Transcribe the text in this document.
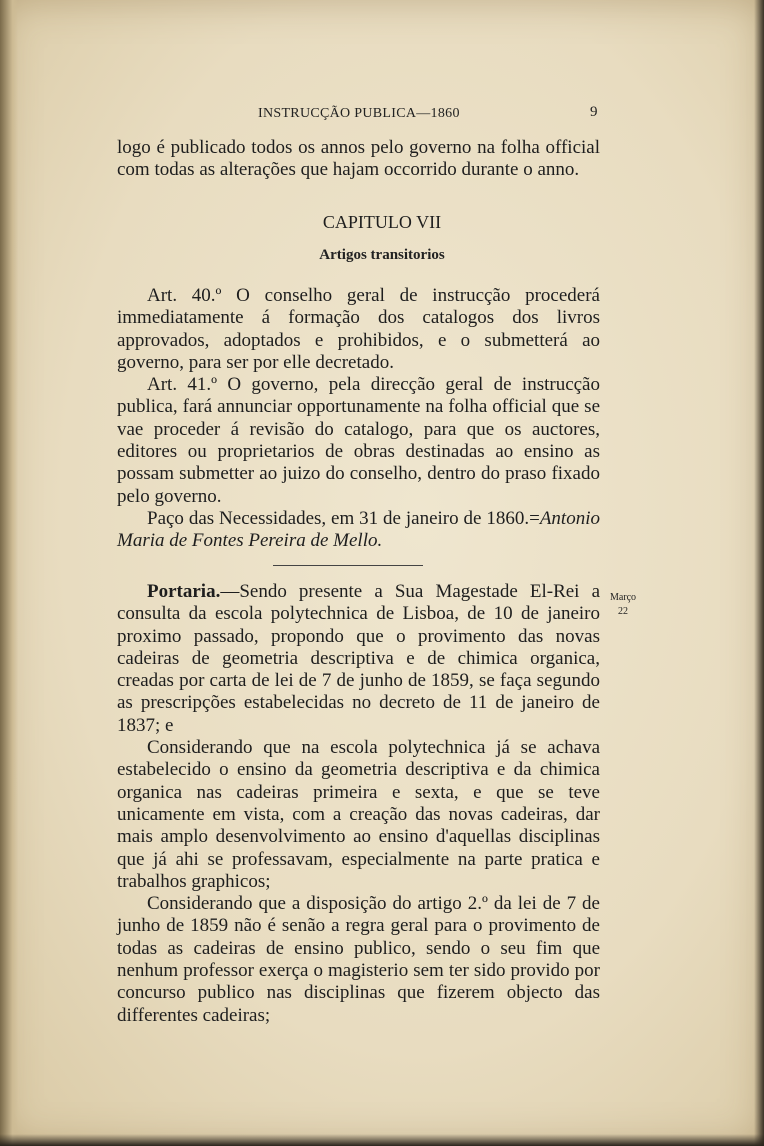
INSTRUCÇÃO PUBLICA—1860	9

logo é publicado todos os annos pelo governo na folha official com todas as alterações que hajam occorrido durante o anno.

CAPITULO VII
Artigos transitorios

Art. 40.º O conselho geral de instrucção procederá immediatamente á formação dos catalogos dos livros approvados, adoptados e prohibidos, e o submetterá ao governo, para ser por elle decretado.

Art. 41.º O governo, pela direcção geral de instrucção publica, fará annunciar opportunamente na folha official que se vae proceder á revisão do catalogo, para que os auctores, editores ou proprietarios de obras destinadas ao ensino as possam submetter ao juizo do conselho, dentro do praso fixado pelo governo.

Paço das Necessidades, em 31 de janeiro de 1860.=Antonio Maria de Fontes Pereira de Mello.

Portaria.—Sendo presente a Sua Magestade El-Rei a consulta da escola polytechnica de Lisboa, de 10 de janeiro proximo passado, propondo que o provimento das novas cadeiras de geometria descriptiva e de chimica organica, creadas por carta de lei de 7 de junho de 1859, se faça segundo as prescripções estabelecidas no decreto de 11 de janeiro de 1837; e

Considerando que na escola polytechnica já se achava estabelecido o ensino da geometria descriptiva e da chimica organica nas cadeiras primeira e sexta, e que se teve unicamente em vista, com a creação das novas cadeiras, dar mais amplo desenvolvimento ao ensino d'aquellas disciplinas que já ahi se professavam, especialmente na parte pratica e trabalhos graphicos;

Considerando que a disposição do artigo 2.º da lei de 7 de junho de 1859 não é senão a regra geral para o provimento de todas as cadeiras de ensino publico, sendo o seu fim que nenhum professor exerça o magisterio sem ter sido provido por concurso publico nas disciplinas que fizerem objecto das differentes cadeiras;

Março
22
